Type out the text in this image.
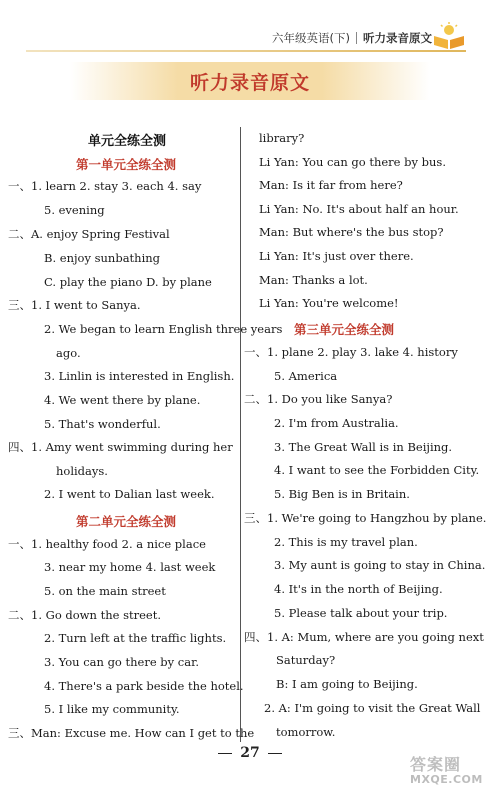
六年级英语(下) 听力录音原文
听力录音原文
单元全练全测
第一单元全练全测
一、1. learn 2. stay 3. each 4. say
5. evening
二、A. enjoy Spring Festival
B. enjoy sunbathing
C. play the piano D. by plane
三、1. I went to Sanya.
2. We began to learn English three years
ago.
3. Linlin is interested in English.
4. We went there by plane.
5. That's wonderful.
四、1. Amy went swimming during her
holidays.
2. I went to Dalian last week.
第二单元全练全测
一、1. healthy food 2. a nice place
3. near my home 4. last week
5. on the main street
二、1. Go down the street.
2. Turn left at the traffic lights.
3. You can go there by car.
4. There's a park beside the hotel.
5. I like my community.
三、Man: Excuse me. How can I get to the
library?
Li Yan: You can go there by bus.
Man: Is it far from here?
Li Yan: No. It's about half an hour.
Man: But where's the bus stop?
Li Yan: It's just over there.
Man: Thanks a lot.
Li Yan: You're welcome!
第三单元全练全测
一、1. plane 2. play 3. lake 4. history
5. America
二、1. Do you like Sanya?
2. I'm from Australia.
3. The Great Wall is in Beijing.
4. I want to see the Forbidden City.
5. Big Ben is in Britain.
三、1. We're going to Hangzhou by plane.
2. This is my travel plan.
3. My aunt is going to stay in China.
4. It's in the north of Beijing.
5. Please talk about your trip.
四、1. A: Mum, where are you going next
Saturday?
B: I am going to Beijing.
2. A: I'm going to visit the Great Wall
tomorrow.
27
答案圈
MXQE.COM
